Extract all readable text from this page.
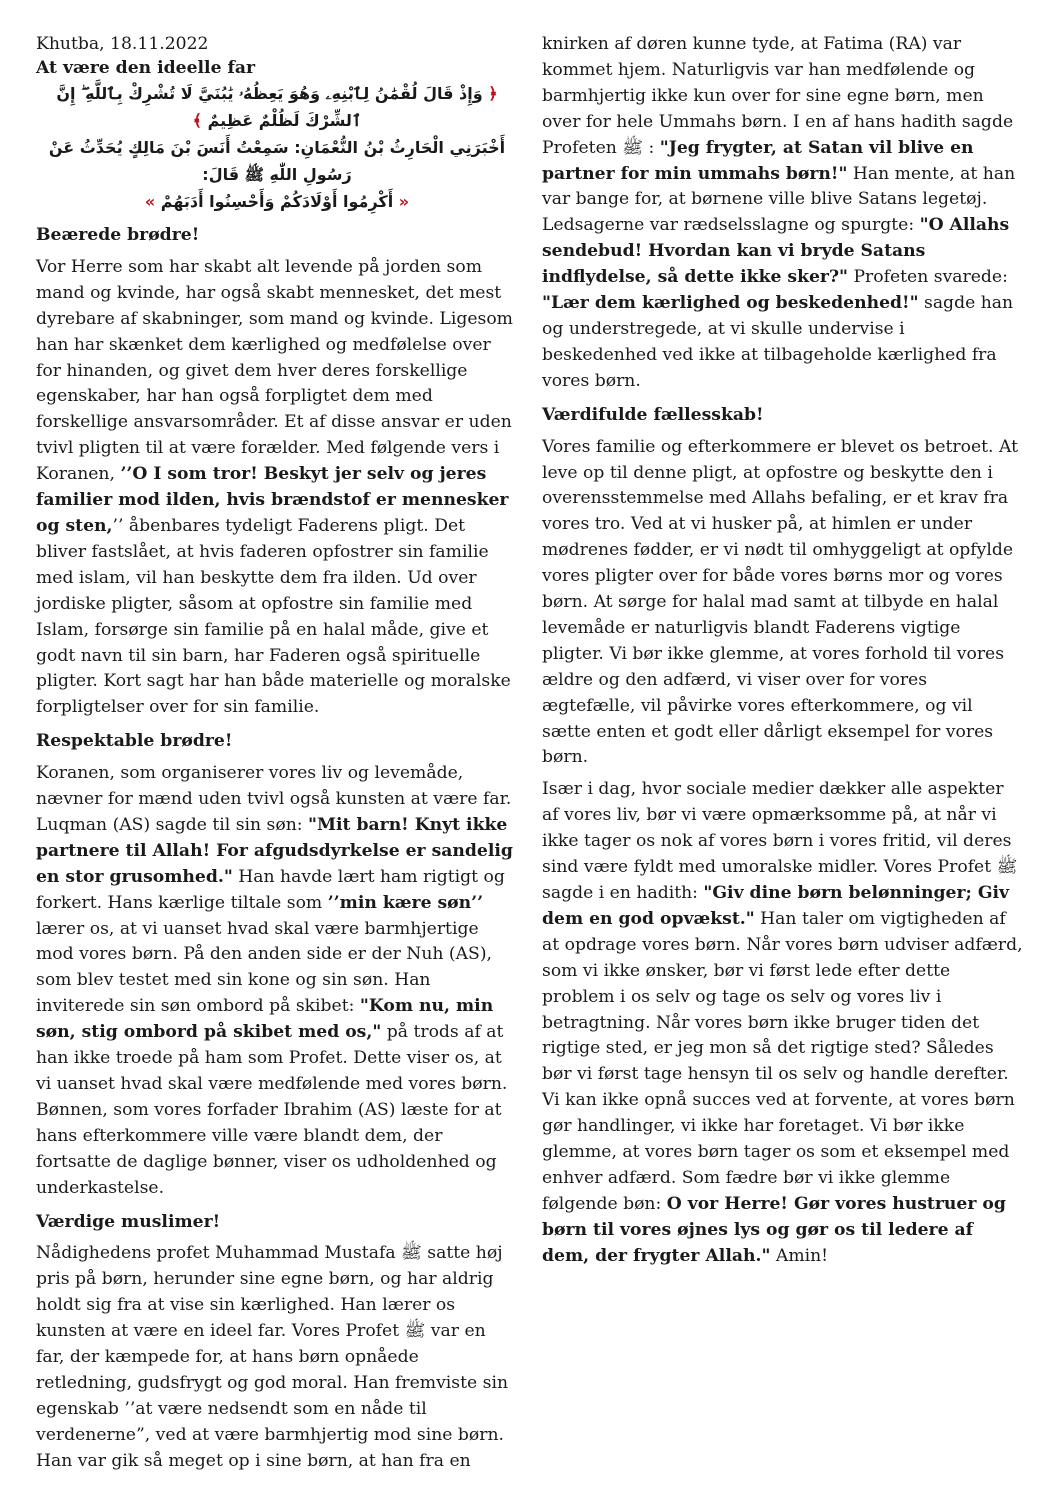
Khutba, 18.11.2022

At være den ideelle far

﴿ وَإِذْ قَالَ لُقْمَٰنُ لِٱبْنِهِۦ وَهُوَ يَعِظُهُۥ يَٰبُنَيَّ لَا تُشْرِكْ بِٱللَّهِ ۖ إِنَّ ٱلشِّرْكَ لَظُلْمٌ عَظِيمٌ ﴾

أَخْبَرَنِي الْحَارِثُ بْنُ النُّعْمَانِ: سَمِعْتُ أَنَسَ بْنَ مَالِكٍ يُحَدِّثُ عَنْ رَسُولِ اللّٰهِ ﷺ قَالَ:

« أَكْرِمُوا أَوْلَادَكُمْ وَأَحْسِنُوا أَدَبَهُمْ »

Beærede brødre!

Vor Herre som har skabt alt levende på jorden som mand og kvinde, har også skabt mennesket, det mest dyrebare af skabninger, som mand og kvinde. Ligesom han har skænket dem kærlighed og medfølelse over for hinanden, og givet dem hver deres forskellige egenskaber, har han også forpligtet dem med forskellige ansvarsområder. Et af disse ansvar er uden tvivl pligten til at være forælder. Med følgende vers i Koranen, ’’O I som tror! Beskyt jer selv og jeres familier mod ilden, hvis brændstof er mennesker og sten,’’ åbenbares tydeligt Faderens pligt. Det bliver fastslået, at hvis faderen opfostrer sin familie med islam, vil han beskytte dem fra ilden. Ud over jordiske pligter, såsom at opfostre sin familie med Islam, forsørge sin familie på en halal måde, give et godt navn til sin barn, har Faderen også spirituelle pligter. Kort sagt har han både materielle og moralske forpligtelser over for sin familie.

Respektable brødre!

Koranen, som organiserer vores liv og levemåde, nævner for mænd uden tvivl også kunsten at være far. Luqman (AS) sagde til sin søn: "Mit barn! Knyt ikke partnere til Allah! For afgudsdyrkelse er sandelig en stor grusomhed." Han havde lært ham rigtigt og forkert. Hans kærlige tiltale som ’’min kære søn’’ lærer os, at vi uanset hvad skal være barmhjertige mod vores børn. På den anden side er der Nuh (AS), som blev testet med sin kone og sin søn. Han inviterede sin søn ombord på skibet: "Kom nu, min søn, stig ombord på skibet med os," på trods af at han ikke troede på ham som Profet. Dette viser os, at vi uanset hvad skal være medfølende med vores børn. Bønnen, som vores forfader Ibrahim (AS) læste for at hans efterkommere ville være blandt dem, der fortsatte de daglige bønner, viser os udholdenhed og underkastelse.

Værdige muslimer!

Nådighedens profet Muhammad Mustafa ﷺ satte høj pris på børn, herunder sine egne børn, og har aldrig holdt sig fra at vise sin kærlighed. Han lærer os kunsten at være en ideel far. Vores Profet ﷺ var en far, der kæmpede for, at hans børn opnåede retledning, gudsfrygt og god moral. Han fremviste sin egenskab ’’at være nedsendt som en nåde til verdenerne”, ved at være barmhjertig mod sine børn. Han var gik så meget op i sine børn, at han fra en

knirken af døren kunne tyde, at Fatima (RA) var kommet hjem. Naturligvis var han medfølende og barmhjertig ikke kun over for sine egne børn, men over for hele Ummahs børn. I en af hans hadith sagde Profeten ﷺ : "Jeg frygter, at Satan vil blive en partner for min ummahs børn!" Han mente, at han var bange for, at børnene ville blive Satans legetøj. Ledsagerne var rædselsslagne og spurgte: "O Allahs sendebud! Hvordan kan vi bryde Satans indflydelse, så dette ikke sker?" Profeten svarede: "Lær dem kærlighed og beskedenhed!" sagde han og understregede, at vi skulle undervise i beskedenhed ved ikke at tilbageholde kærlighed fra vores børn.

Værdifulde fællesskab!

Vores familie og efterkommere er blevet os betroet. At leve op til denne pligt, at opfostre og beskytte den i overensstemmelse med Allahs befaling, er et krav fra vores tro. Ved at vi husker på, at himlen er under mødrenes fødder, er vi nødt til omhyggeligt at opfylde vores pligter over for både vores børns mor og vores børn. At sørge for halal mad samt at tilbyde en halal levemåde er naturligvis blandt Faderens vigtige pligter. Vi bør ikke glemme, at vores forhold til vores ældre og den adfærd, vi viser over for vores ægtefælle, vil påvirke vores efterkommere, og vil sætte enten et godt eller dårligt eksempel for vores børn.

Især i dag, hvor sociale medier dækker alle aspekter af vores liv, bør vi være opmærksomme på, at når vi ikke tager os nok af vores børn i vores fritid, vil deres sind være fyldt med umoralske midler. Vores Profet ﷺ sagde i en hadith: "Giv dine børn belønninger; Giv dem en god opvækst." Han taler om vigtigheden af at opdrage vores børn. Når vores børn udviser adfærd, som vi ikke ønsker, bør vi først lede efter dette problem i os selv og tage os selv og vores liv i betragtning. Når vores børn ikke bruger tiden det rigtige sted, er jeg mon så det rigtige sted? Således bør vi først tage hensyn til os selv og handle derefter. Vi kan ikke opnå succes ved at forvente, at vores børn gør handlinger, vi ikke har foretaget. Vi bør ikke glemme, at vores børn tager os som et eksempel med enhver adfærd. Som fædre bør vi ikke glemme følgende bøn: O vor Herre! Gør vores hustruer og børn til vores øjnes lys og gør os til ledere af dem, der frygter Allah." Amin!
